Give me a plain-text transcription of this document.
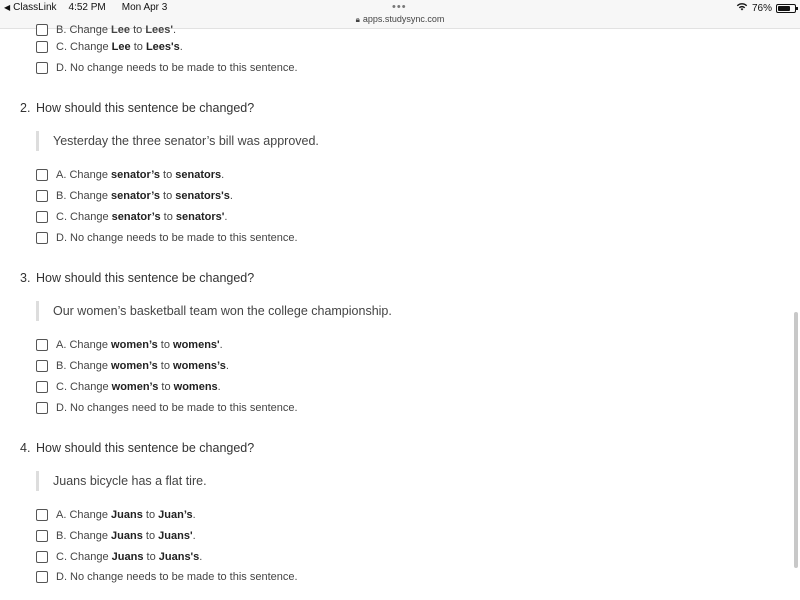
◀ ClassLink 4:52 PM Mon Apr 3	•••	76%
🔒︎ apps.studysync.com
B. Change Lee to Lees'.
C. Change Lee to Lees's.
D. No change needs to be made to this sentence.
2. How should this sentence be changed?
Yesterday the three senator’s bill was approved.
A. Change senator’s to senators.
B. Change senator’s to senators's.
C. Change senator’s to senators'.
D. No change needs to be made to this sentence.
3. How should this sentence be changed?
Our women’s basketball team won the college championship.
A. Change women’s to womens'.
B. Change women’s to womens’s.
C. Change women’s to womens.
D. No changes need to be made to this sentence.
4. How should this sentence be changed?
Juans bicycle has a flat tire.
A. Change Juans to Juan’s.
B. Change Juans to Juans'.
C. Change Juans to Juans's.
D. No change needs to be made to this sentence.
